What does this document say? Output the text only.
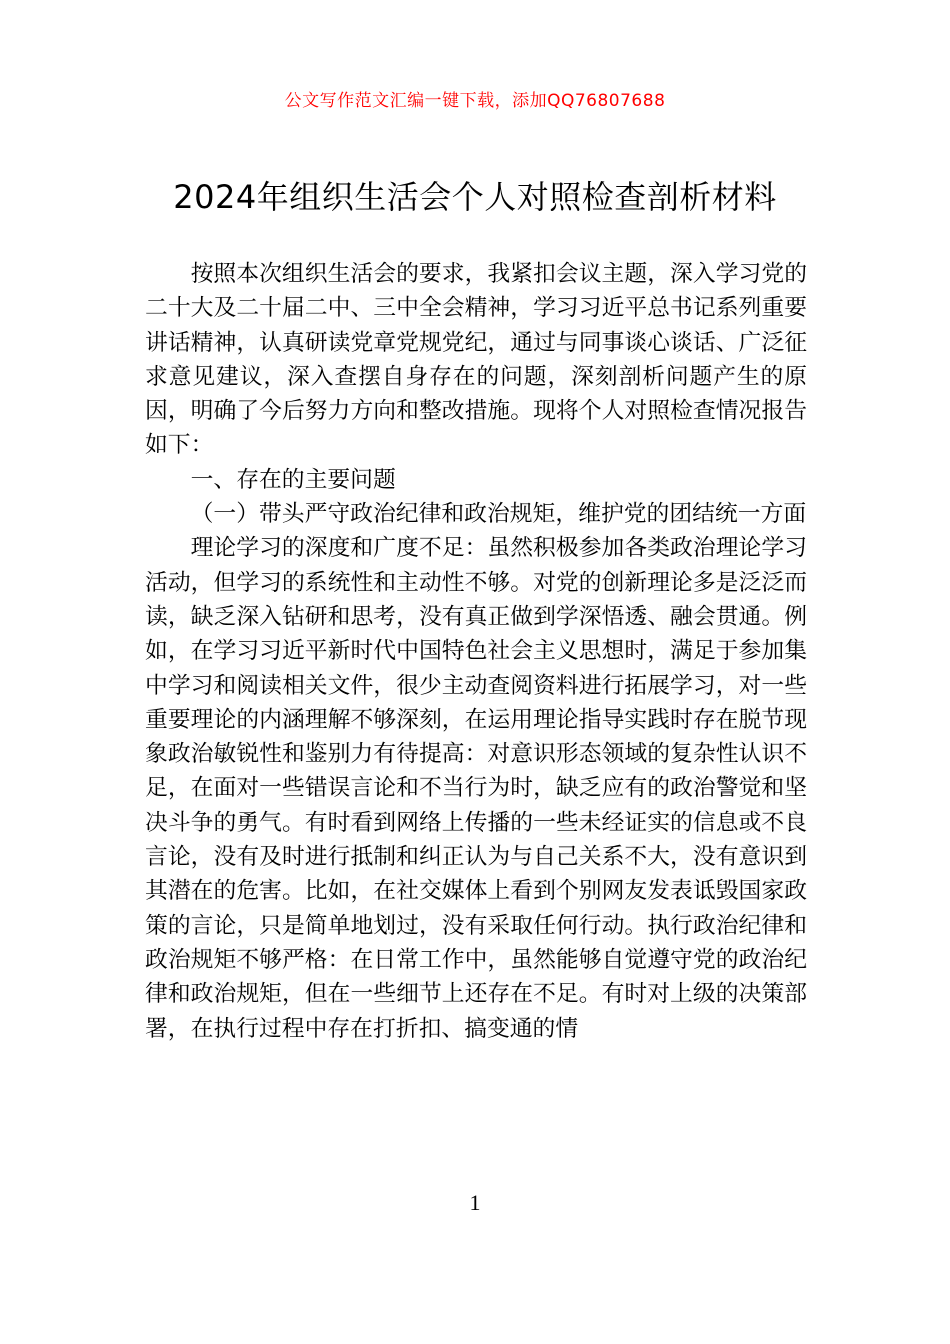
公文写作范文汇编一键下载，添加QQ76807688
2024年组织生活会个人对照检查剖析材料

按照本次组织生活会的要求，我紧扣会议主题，深入学习党的二十大及二十届二中、三中全会精神，学习习近平总书记系列重要讲话精神，认真研读党章党规党纪，通过与同事谈心谈话、广泛征求意见建议，深入查摆自身存在的问题，深刻剖析问题产生的原因，明确了今后努力方向和整改措施。现将个人对照检查情况报告如下：

一、存在的主要问题

（一）带头严守政治纪律和政治规矩，维护党的团结统一方面

理论学习的深度和广度不足：虽然积极参加各类政治理论学习活动，但学习的系统性和主动性不够。对党的创新理论多是泛泛而读，缺乏深入钻研和思考，没有真正做到学深悟透、融会贯通。例如，在学习习近平新时代中国特色社会主义思想时，满足于参加集中学习和阅读相关文件，很少主动查阅资料进行拓展学习，对一些重要理论的内涵理解不够深刻，在运用理论指导实践时存在脱节现象政治敏锐性和鉴别力有待提高：对意识形态领域的复杂性认识不足，在面对一些错误言论和不当行为时，缺乏应有的政治警觉和坚决斗争的勇气。有时看到网络上传播的一些未经证实的信息或不良言论，没有及时进行抵制和纠正认为与自己关系不大，没有意识到其潜在的危害。比如，在社交媒体上看到个别网友发表诋毁国家政策的言论，只是简单地划过，没有采取任何行动。执行政治纪律和政治规矩不够严格：在日常工作中，虽然能够自觉遵守党的政治纪律和政治规矩，但在一些细节上还存在不足。有时对上级的决策部署，在执行过程中存在打折扣、搞变通的情

1
